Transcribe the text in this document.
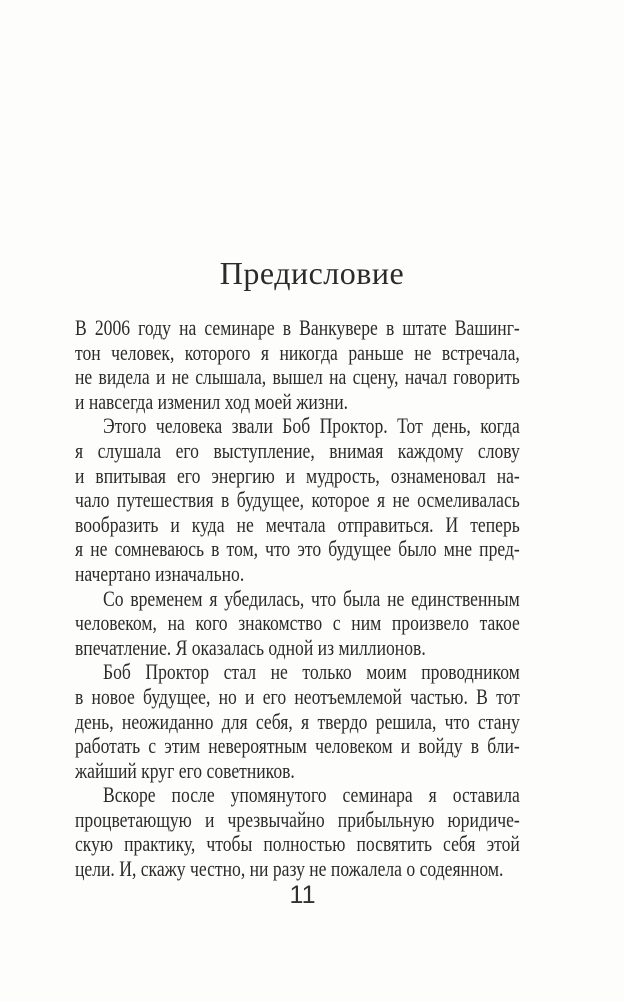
Предисловие
В 2006 году на семинаре в Ванкувере в штате Вашинг-
тон человек, которого я никогда раньше не встречала,
не видела и не слышала, вышел на сцену, начал говорить
и навсегда изменил ход моей жизни.
Этого человека звали Боб Проктор. Тот день, когда
я слушала его выступление, внимая каждому слову
и впитывая его энергию и мудрость, ознаменовал на-
чало путешествия в будущее, которое я не осмеливалась
вообразить и куда не мечтала отправиться. И теперь
я не сомневаюсь в том, что это будущее было мне пред-
начертано изначально.
Со временем я убедилась, что была не единственным
человеком, на кого знакомство с ним произвело такое
впечатление. Я оказалась одной из миллионов.
Боб Проктор стал не только моим проводником
в новое будущее, но и его неотъемлемой частью. В тот
день, неожиданно для себя, я твердо решила, что стану
работать с этим невероятным человеком и войду в бли-
жайший круг его советников.
Вскоре после упомянутого семинара я оставила
процветающую и чрезвычайно прибыльную юридиче-
скую практику, чтобы полностью посвятить себя этой
цели. И, скажу честно, ни разу не пожалела о содеянном.
11
